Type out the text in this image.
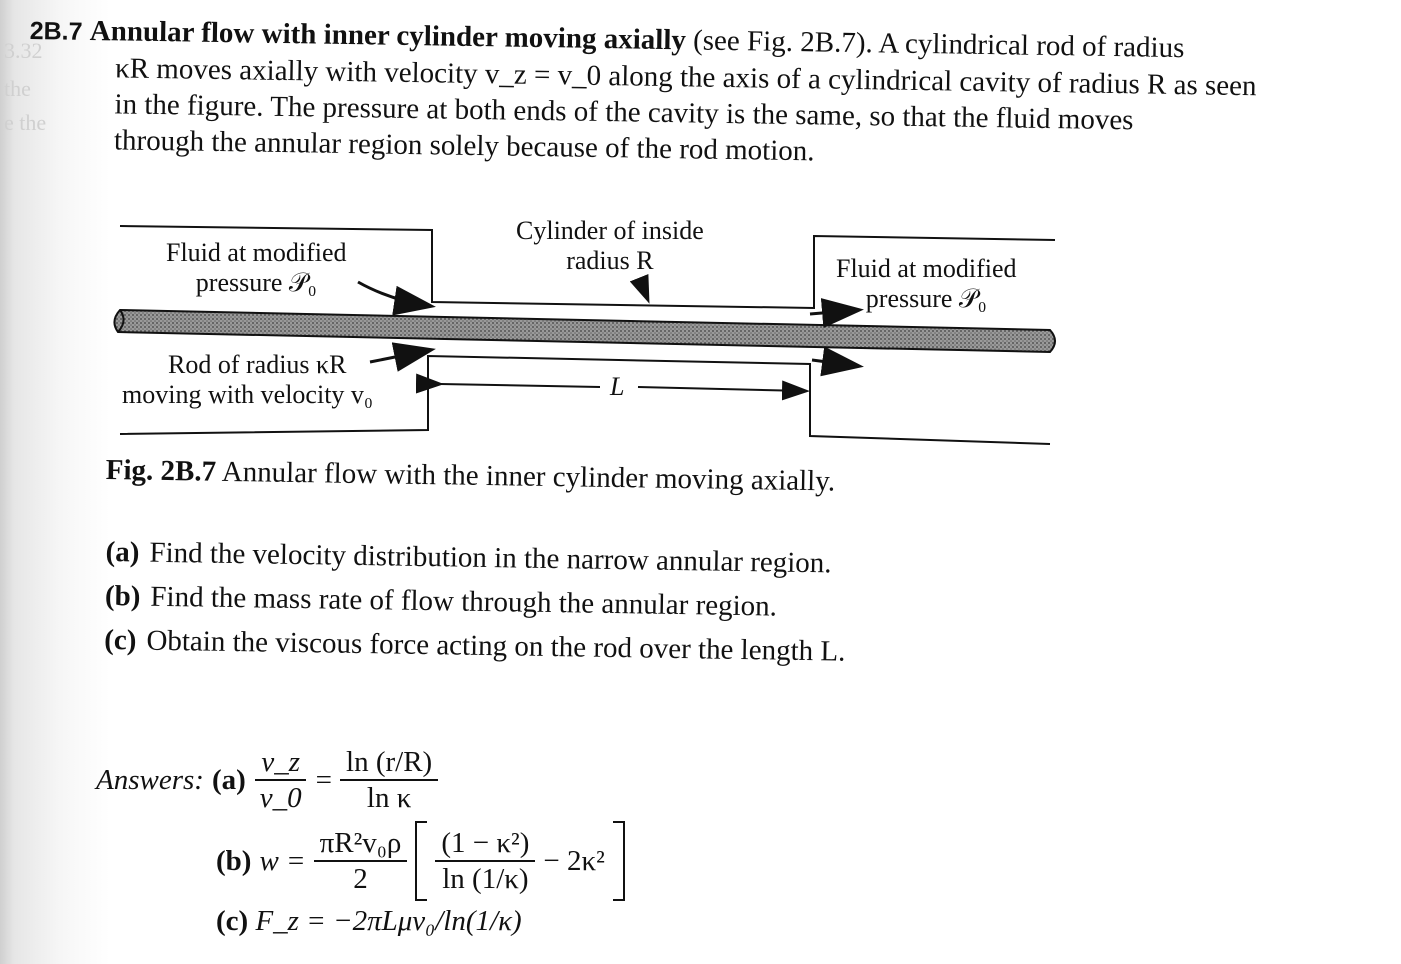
3.32
the
e the
2B.7 Annular flow with inner cylinder moving axially (see Fig. 2B.7). A cylindrical rod of radius
κR moves axially with velocity v_z = v_0 along the axis of a cylindrical cavity of radius R as seen
in the figure. The pressure at both ends of the cavity is the same, so that the fluid moves
through the annular region solely because of the rod motion.
Fluid at modified
pressure 𝒫₀
Cylinder of inside
radius R	Fluid at modified
pressure 𝒫₀
Rod of radius κR
moving with velocity v₀	L
Fig. 2B.7 Annular flow with the inner cylinder moving axially.
(a) Find the velocity distribution in the narrow annular region.
(b) Find the mass rate of flow through the annular region.
(c) Obtain the viscous force acting on the rod over the length L.
Answers: $(a) \frac{v\_z}{v\_0} = \frac{\ln (r/R)}{\text{ln κ}}$
(b) $w = \frac{\text{πR²v₀ρ}}{2} \frac{\text{(1 − κ²)}}{\ln (1/\kappa)} - 2\kappa^2$
(c) F_z = −2πLμv₀/ln(1/κ)
